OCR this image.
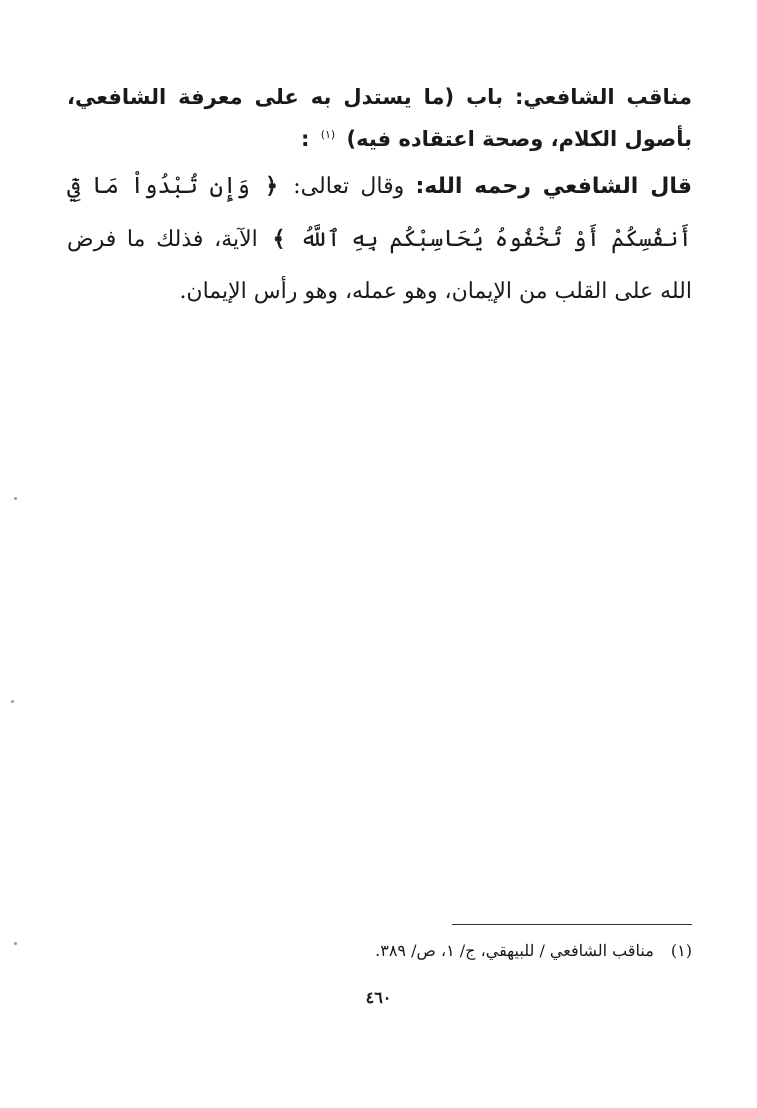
مناقب الشافعي: باب (ما يستدل به على معرفة الشافعي، بأصول الكلام، وصحة اعتقاده فيه) $^{(١)}$ :
قال الشافعي رحمه الله: وقال تعالى: ﴿ وَإِن تُبْدُواْ مَا فِيٓ أَنفُسِكُمْ أَوْ تُخْفُوهُ يُحَاسِبْكُم بِهِ ٱللَّهُ ﴾ الآية، فذلك ما فرض الله على القلب من الإيمان، وهو عمله، وهو رأس الإيمان.
(١) مناقب الشافعي / للبيهقي، ج/ ١، ص/ ٣٨٩.
٤٦٠
